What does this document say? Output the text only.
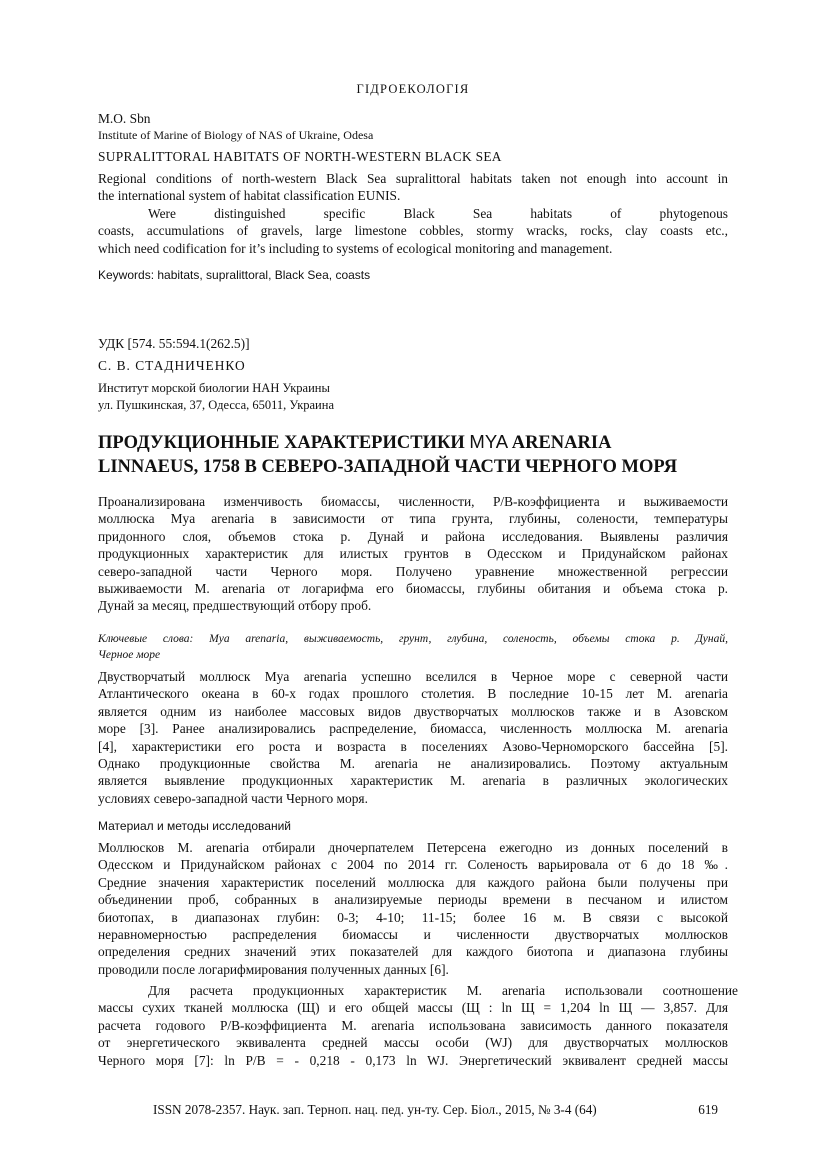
ГІДРОЕКОЛОГІЯ
M.O. Sbn
Institute of Marine of Biology of NAS of Ukraine, Odesa
SUPRALITTORAL HABITATS OF NORTH-WESTERN BLACK SEA
Regional conditions of north-western Black Sea supralittoral habitats taken not enough into account in
the international system of habitat classification EUNIS.
Were distinguished specific Black Sea habitats of phytogenous
coasts, accumulations of gravels, large limestone cobbles, stormy wracks, rocks, clay coasts etc.,
which need codification for it’s including to systems of ecological monitoring and management.
Keywords: habitats, supralittoral, Black Sea, coasts
УДК [574. 55:594.1(262.5)]
С. В. СТАДНИЧЕНКО
Институт морской биологии НАН Украины
ул. Пушкинская, 37, Одесса, 65011, Украина
ПРОДУКЦИОННЫЕ ХАРАКТЕРИСТИКИ MYA ARENARIA
LINNAEUS, 1758 В СЕВЕРО-ЗАПАДНОЙ ЧАСТИ ЧЕРНОГО МОРЯ
Проанализирована изменчивость биомассы, численности, Р/В-коэффициента и выживаемости
моллюска Mya arenaria в зависимости от типа грунта, глубины, солености, температуры
придонного слоя, объемов стока р. Дунай и района исследования. Выявлены различия
продукционных характеристик для илистых грунтов в Одесском и Придунайском районах
северо-западной части Черного моря. Получено уравнение множественной регрессии
выживаемости M. arenaria от логарифма его биомассы, глубины обитания и объема стока р.
Дунай за месяц, предшествующий отбору проб.
Ключевые слова: Mya arenaria, выживаемость, грунт, глубина, соленость, объемы стока р. Дунай,
Черное море
Двустворчатый моллюск Mya arenaria успешно вселился в Черное море с северной части
Атлантического океана в 60-х годах прошлого столетия. В последние 10-15 лет M. arenaria
является одним из наиболее массовых видов двустворчатых моллюсков также и в Азовском
море [3]. Ранее анализировались распределение, биомасса, численность моллюска M. arenaria
[4], характеристики его роста и возраста в поселениях Азово-Черноморского бассейна [5].
Однако продукционные свойства M. arenaria не анализировались. Поэтому актуальным
является выявление продукционных характеристик M. arenaria в различных экологических
условиях северо-западной части Черного моря.
Материал и методы исследований
Моллюсков M. arenaria отбирали дночерпателем Петерсена ежегодно из донных поселений в
Одесском и Придунайском районах с 2004 по 2014 гг. Соленость варьировала от 6 до 18 ‰.
Средние значения характеристик поселений моллюска для каждого района были получены при
объединении проб, собранных в анализируемые периоды времени в песчаном и илистом
биотопах, в диапазонах глубин: 0-3; 4-10; 11-15; более 16 м. В связи с высокой
неравномерностью распределения биомассы и численности двустворчатых моллюсков
определения средних значений этих показателей для каждого биотопа и диапазона глубины
проводили после логарифмирования полученных данных [6].
Для расчета продукционных характеристик M. arenaria использовали соотношение
массы сухих тканей моллюска (Щ) и его общей массы (Щ : ln Щ = 1,204 ln Щ — 3,857. Для
расчета годового Р/В-коэффициента M. arenaria использована зависимость данного показателя
от энергетического эквивалента средней массы особи (WJ) для двустворчатых моллюсков
Черного моря [7]: ln P/B = - 0,218 - 0,173 ln WJ. Энергетический эквивалент средней массы
ISSN 2078-2357. Наук. зап. Терноп. нац. пед. ун-ту. Сер. Біол., 2015, № 3-4 (64)	619
